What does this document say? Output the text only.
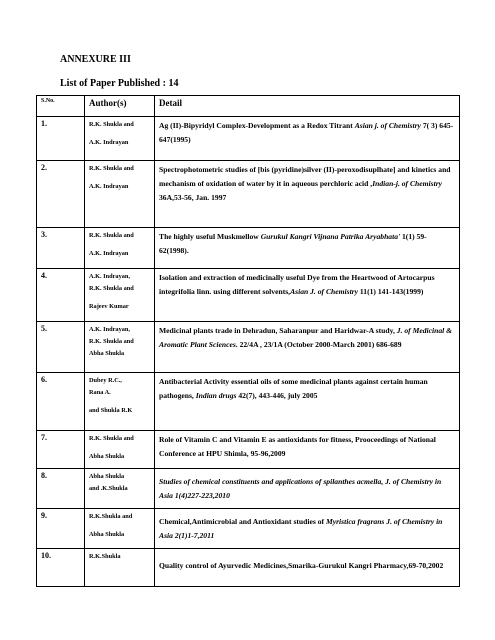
ANNEXURE III
List of Paper Published : 14
S.No.	Author(s)	Detail
1.	R.K. Shukla and
A.K. Indrayan	Ag (II)-Bipyridyl Complex-Development as a Redox Titrant Asian j. of Chemistry 7( 3) 645-647(1995)
2.	R.K. Shukla and
A.K. Indrayan	Spectrophotometric studies of [bis (pyridine)silver (II)-peroxodisuplhate] and kinetics and mechanism of oxidation of water by it in aqueous perchloric acid ,Indian-j. of Chemistry 36A,53-56, Jan. 1997
3.	R.K. Shukla and
A.K. Indrayan	The highly useful Muskmellow Gurukul Kangri Vijnana Patrika Aryabhata' 1(1) 59-62(1998).
4.	A.K. Indrayan,
R.K. Shukla and
Rajeev Kumar	Isolation and extraction of medicinally useful Dye from the Heartwood of Artocarpus integrifolia linn. using different solvents,Asian J. of Chemistry 11(1) 141-143(1999)
5.	A.K. Indrayan,
R.K. Shukla and
Abha Shukla	Medicinal plants trade in Dehradun, Saharanpur and Haridwar-A study, J. of Medicinal & Aromatic Plant Sciences. 22/4A , 23/1A (October 2000-March 2001) 686-689
6.	Dubey R.C.,
Rana A.
and Shukla R.K	Antibacterial Activity essential oils of some medicinal plants against certain human pathogens, Indian drugs 42(7), 443-446, july 2005
7.	R.K. Shukla and
Abha Shukla	Role of Vitamin C and Vitamin E as antioxidants for fitness, Prooceedings of National Conference at HPU Shimla, 95-96,2009
8.	Abha Shukla
and .K.Shukla	Studies of chemical constituents and applications of spilanthes acmella, J. of Chemistry in Asia 1(4)227-223,2010
9.	R.K.Shukla and
Abha Shukla	Chemical,Antimicrobial and Antioxidant studies of Myristica fragrans J. of Chemistry in Asia 2(1)1-7,2011
10.	R.K.Shukla	Quality control of Ayurvedic Medicines,Smarika-Gurukul Kangri Pharmacy,69-70,2002
